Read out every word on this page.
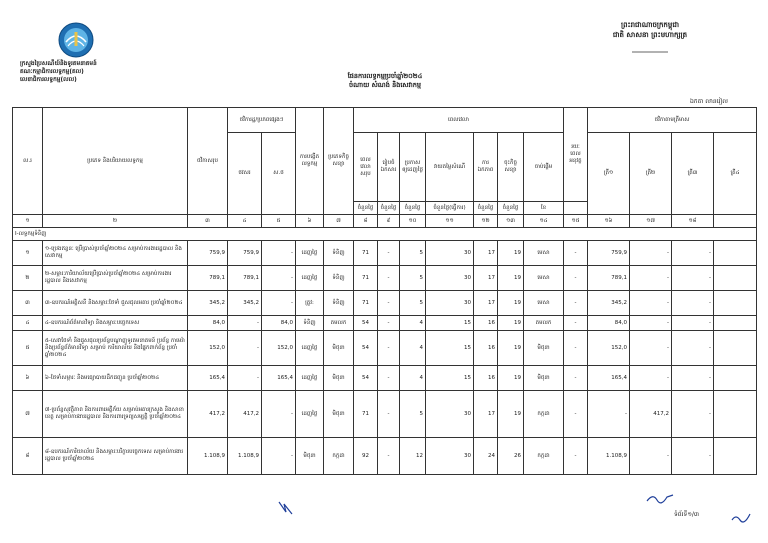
ក្រសួងប្រៃសណីយ៍និងទូរគមនាគមន៍
គណៈកម្មាធិការលទ្ធកម្ម(គល)
លេខាធិការលទ្ធកម្ម(លល)
ព្រះរាជាណាចក្រកម្ពុជា
ជាតិ សាសនា ព្រះមហាក្សត្រ
ផែនការលទ្ធកម្មប្រចាំឆ្នាំ២០២៤
ចំណាយ សំណង់ និងសេវាកម្ម
ឯកតា លានរៀល
ល.រ	ប្រភេទ និងបរិយាយលទ្ធកម្ម	ថវិកាសរុប	ថវិការដ្ឋ/ប្រភពផ្សេងៗ		ការបង្កើតលទ្ធកម្ម	ប្រភេទកិច្ចសន្យា	ពេលវេលា							រយៈពេលអនុវត្ត	ថវិកាតាមត្រីមាស	
			ថវសរ	ស.ថ			ពេលវេលាសរុប	រៀបចំឯកសារ	ប្រកាសឲ្យដេញថ្លៃ	វាយតម្លៃសំណើ	ការឯកភាព	ចុះកិច្ចសន្យា	ចាប់ផ្តើម		ត្រី១	ត្រី២	ត្រី៣	ត្រី៤	
							ចំនួនថ្ងៃ	ចំនួនថ្ងៃ	ចំនួនថ្ងៃ	ចំនួនថ្ងៃ(ធ្វើការ)	ចំនួនថ្ងៃ	ចំនួនថ្ងៃ	ខែ						
១	២	៣	៤	៥	៦	៧	៨	៩	១០	១១	១២	១៣	១៤	១៥	១៦	១៧	១៨		
I-លទ្ធកម្មទំនិញ																			
១	១-ប្រេងឥន្ធនៈ ប្រើប្រាស់ប្រចាំឆ្នាំ២០២៤ សម្រាប់ការងាររដ្ឋបាល និងសេវាកម្ម	759,9	759,9	-	ដេញថ្លៃ	ទំនិញ	71	-	5	30	17	19	មេសា	-	759,9	-	-		
២	២-សម្ភារៈការិយាល័យប្រើប្រាស់ប្រចាំឆ្នាំ២០២៤ សម្រាប់ការងាររដ្ឋបាល និងសេវាកម្ម	789,1	789,1	-	ដេញថ្លៃ	ទំនិញ	71	-	5	30	17	19	មេសា	-	789,1	-	-		
៣	៣-ឧបករណ៍អគ្គិសនី និងសម្ភារៈថែទាំ ជួសជុលអគារ ប្រចាំឆ្នាំ២០២៤	345,2	345,2	-	ត្រូវ:	ទំនិញ	71	-	5	30	17	19	មេសា	-	345,2	-	-		
៤	៤-ឧបករណ៍ព័ត៌មានវិទ្យា និងសម្ភារៈបច្ចេកទេស	84,0	-	84,0	ទំនិញ	តមលក	54	-	4	15	16	19	តមលក	-	84,0	-	-		
៥	៥-សេវាថែទាំ និងជួសជុលប្រព័ន្ធបណ្តាញទូរគមនាគមន៍ ប្រព័ន្ធ កាមេរ៉ា និងប្រព័ន្ធព័ត៌មានវិទ្យា សម្រាប់ ការិយាល័យ និងផ្នែកពាក់ព័ន្ធ ប្រចាំឆ្នាំ២០២៤	152,0	-	152,0	ដេញថ្លៃ	មិថុនា	54	-	4	15	16	19	មិថុនា	-	152,0	-	-		
៦	៦-ថែទាំសម្ភារៈ និងមធ្យោបាយដឹកជញ្ជូន ប្រចាំឆ្នាំ២០២៤	165,4	-	165,4	ដេញថ្លៃ	មិថុនា	54	-	4	15	16	19	មិថុនា	-	165,4	-	-		
៧	៧-ប្រព័ន្ធសុវត្ថិភាព និងការពារអគ្គីភ័យ សម្រាប់អគារក្រសួង និងសាខាខេត្ត សម្រាប់ការងាររដ្ឋបាល និងការពារទ្រព្យសម្បត្តិ ប្រចាំឆ្នាំ២០២៤	417,2	417,2	-	ដេញថ្លៃ	មិថុនា	71	-	5	30	17	19	កក្កដា	-	-	417,2	-		
៨	៨-ឧបករណ៍ការិយាល័យ និងសម្ភារៈបរិក្ខារបច្ចេកទេស សម្រាប់ការងាររដ្ឋបាល ប្រចាំឆ្នាំ២០២៤	1.108,9	1.108,9	-	មិថុនា	កក្កដា	92	-	12	30	24	26	កក្កដា	-	1.108,9	-	-		
ទំព័រទី១/៣
